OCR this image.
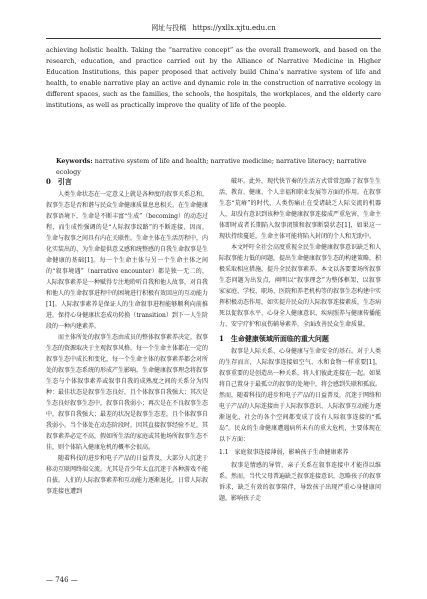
网址与投稿 https://yxllx.xjtu.edu.cn
achieving holistic health. Taking the “narrative concept” as the overall framework, and based on the research, education, and practice carried out by the Alliance of Narrative Medicine in Higher Education Institutions, this paper proposed that actively build China’s narrative system of life and health, to enable narrative play an active and dynamic role in the construction of narrative ecology in different spaces, such as the families, the schools, the hospitals, the workplaces, and the elderly care institutions, as well as practically improve the quality of life of the people.
Keywords: narrative system of life and health; narrative medicine; narrative literacy; narrative ecology
0　引言

人类生命状态在一定意义上就是各种度的叙事关系总和，叙事生态是否和谐与民众生命健康质量息息相关。在生命健康叙事语境下，生命是不断丰富“生成”（becoming）的动态过程，而生成性强调的是“人际叙事纹路”的不断连接、因而，生命与叙事之间具有内在关联性。生命主体在生活历程中，内化实装出的、为生命提供意义感和统整感的自我生命叙事是生命健康的基础[1]。每一个生命主体与另一个生命主体之间的“叙事境遇”（narrative encounter）都是独一无二的，人际叙事素养是一种赋得专注地聆听自我和他人故事，对自我和他人的生命叙事进程中的困境进行积极有效回应的互动能力[1]。人际叙事素养是保证人的生命叙事进程能够顺利向前推进，保持心身健康状态成功转换（transition）到下一人生阶段的一种内建素养。

而主体所处的叙事生态由成员的整体叙事素养决定，叙事生态的资源取决于主观叙事风格。每一个生命主体都在一定的叙事生态中成长和变化，每一个生命主体的叙事素养都会对所处的叙事生态系统的形成产生影响。生命健康叙事理念将叙事生态与个体叙事素养或叙事自我的成熟度之间的关系分为四种：最佳状态是叙事生态良好，且个体叙事自我强大；其次是生态良好叙事生态中，叙事自我弱小；再次是在不良叙事生态中，叙事自我强大；最差的状况是叙事生态差，且个体叙事自我弱小。当个体处在动态阶段时，因其直接叙事经验不足，其叙事素养必定不高，假如所生活的家庭或其他场所叙事生态不佳，则个体陷入健康危机的概率会很高。

随着科技的进步和电子产品的日益普及，大部分人沉迷于移动互联网终端交流，尤其是青少年太直沉迷于各种游戏不能自拔。人们的人际叙事素养和互动能力逐渐退化，日常人际叙事连接也遭到

破坏。此外，现代快节奏的生活方式常常忽略了叙事生生活、教育、健康、个人幸福和职业发展等方面的作用。在叙事生态“荒瘠”的时代，人类伤痛止在受诸缺乏人际交流的机器人，却没有意识到该种生命健康叙事连接成严重危害，生命主体即时或者长期陷入叙事闭锁和叙事断裂状态[1]，如果这一现状持续蔓延，生命主体可能将陷入封闭的个人和无助中。

本文呼吁全社会高度重视全民生命健康叙事意识缺乏和人际叙事能力低的问题，提出生命健康叙事生态的构建策略，积极采取相应措施，提升全民叙事素养。本文以各要要场所叙事生态问题为出发点，阐明以“叙事理念”为整体框架，以叙事家家庭、学校、职场、医院和养老机构等的叙事生态构建中实挥积极动态作用，如实提升民众的人际叙事连接素质，生态病死以促叙事水平、心身全人健康意识、疾病照养与健康传播能力、安宁疗护和哀伤辅导素养，全面改善民众生命质量。

1　生命健康领域所面临的重大问题

叙事是人际关系、心身健康与生命安全的基石。对于人类的生存而言，人际叙事连接如空气、水和食物一样重要[1]，叙事重要的是创造出一种关系，将人们彼此连接在一起。如果将自己置身于最孤立的叙事的处境中，将会感到失联和孤寂。然而，随着科技的进步和电子产品的日益普及，沉迷于网络和电子产品的人际连接由于人际叙事意识、人际叙事互动能力逐渐退化，社会的各个空间都变成了没有人际叙事连接的“孤岛”。民众的生命健康遭遇病所未有的重大危机，主要体现在以下方面：

1.1　家庭叙事连接薄弱，影响孩子生命健康素养

叙事是情感的导管，亲子关系在叙事连接中才能得以维系。然而，当代父母普遍缺乏叙事连接意识，忽略孩子的叙事诉求，缺乏有效的叙事陪伴，导致孩子出现严重心身健康问题，影响孩子走

— 746 —
